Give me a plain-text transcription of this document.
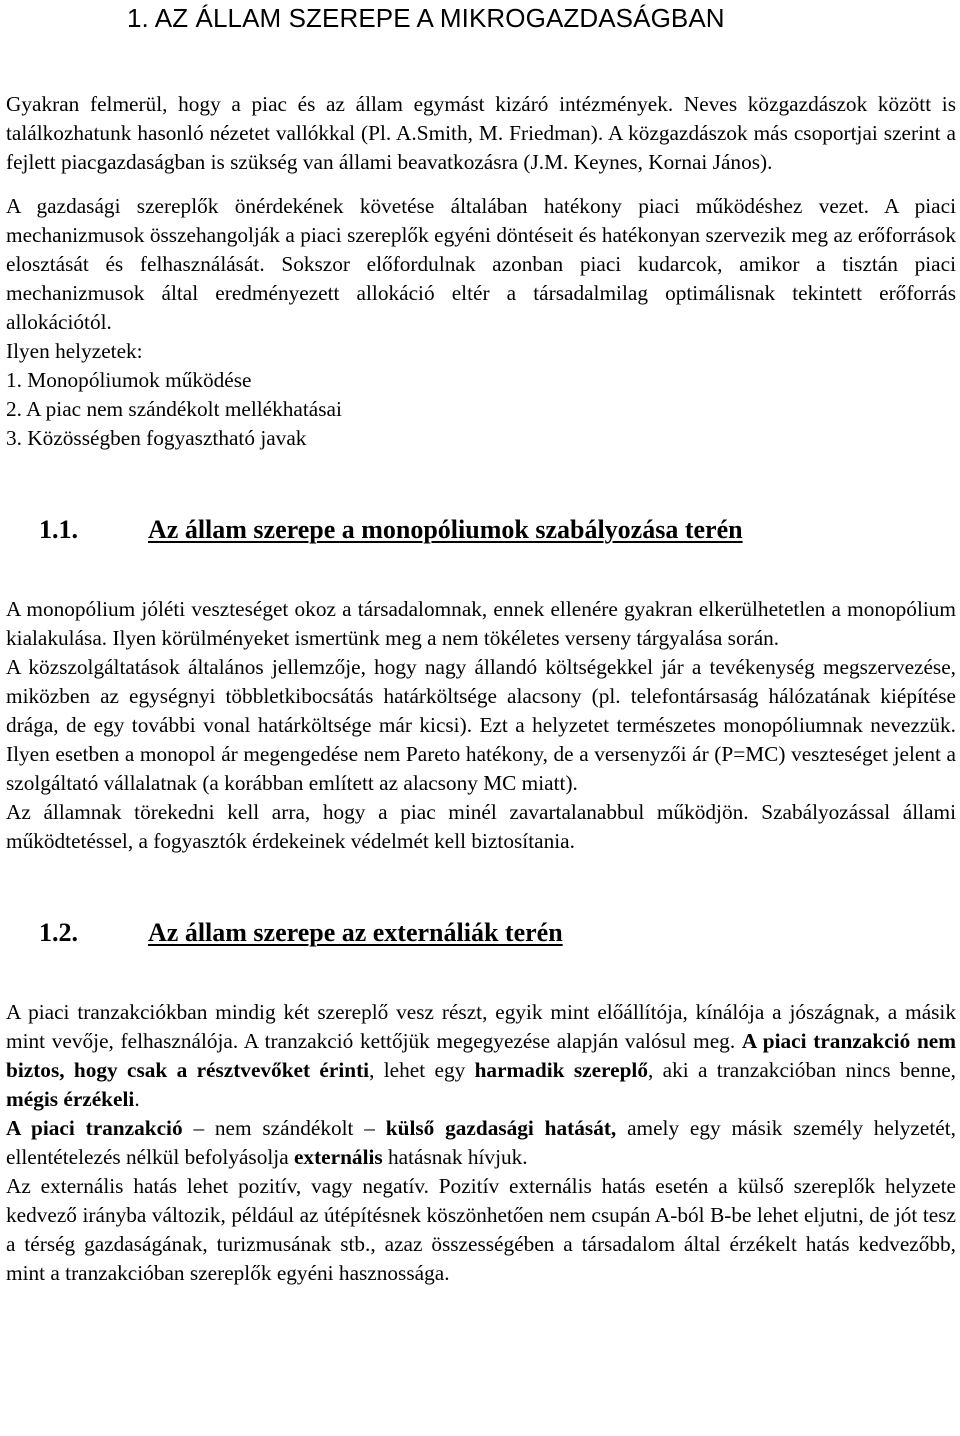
1. AZ ÁLLAM SZEREPE A MIKROGAZDASÁGBAN

Gyakran felmerül, hogy a piac és az állam egymást kizáró intézmények. Neves közgazdászok között is találkozhatunk hasonló nézetet vallókkal (Pl. A.Smith, M. Friedman). A közgazdászok más csoportjai szerint a fejlett piacgazdaságban is szükség van állami beavatkozásra (J.M. Keynes, Kornai János).

A gazdasági szereplők önérdekének követése általában hatékony piaci működéshez vezet. A piaci mechanizmusok összehangolják a piaci szereplők egyéni döntéseit és hatékonyan szervezik meg az erőforrások elosztását és felhasználását. Sokszor előfordulnak azonban piaci kudarcok, amikor a tisztán piaci mechanizmusok által eredményezett allokáció eltér a társadalmilag optimálisnak tekintett erőforrás allokációtól.

Ilyen helyzetek:

1. Monopóliumok működése

2. A piac nem szándékolt mellékhatásai

3. Közösségben fogyasztható javak

1.1.	Az állam szerepe a monopóliumok szabályozása terén

A monopólium jóléti veszteséget okoz a társadalomnak, ennek ellenére gyakran elkerülhetetlen a monopólium kialakulása. Ilyen körülményeket ismertünk meg a nem tökéletes verseny tárgyalása során.

A közszolgáltatások általános jellemzője, hogy nagy állandó költségekkel jár a tevékenység megszervezése, miközben az egységnyi többletkibocsátás határköltsége alacsony (pl. telefontársaság hálózatának kiépítése drága, de egy további vonal határköltsége már kicsi). Ezt a helyzetet természetes monopóliumnak nevezzük. Ilyen esetben a monopol ár megengedése nem Pareto hatékony, de a versenyzői ár (P=MC) veszteséget jelent a szolgáltató vállalatnak (a korábban említett az alacsony MC miatt).

Az államnak törekedni kell arra, hogy a piac minél zavartalanabbul működjön. Szabályozással állami működtetéssel, a fogyasztók érdekeinek védelmét kell biztosítania.

1.2.	Az állam szerepe az externáliák terén

A piaci tranzakciókban mindig két szereplő vesz részt, egyik mint előállítója, kínálója a jószágnak, a másik mint vevője, felhasználója. A tranzakció kettőjük megegyezése alapján valósul meg. A piaci tranzakció nem biztos, hogy csak a résztvevőket érinti, lehet egy harmadik szereplő, aki a tranzakcióban nincs benne, mégis érzékeli.

A piaci tranzakció – nem szándékolt – külső gazdasági hatását, amely egy másik személy helyzetét, ellentételezés nélkül befolyásolja externális hatásnak hívjuk.

Az externális hatás lehet pozitív, vagy negatív. Pozitív externális hatás esetén a külső szereplők helyzete kedvező irányba változik, például az útépítésnek köszönhetően nem csupán A-ból B-be lehet eljutni, de jót tesz a térség gazdaságának, turizmusának stb., azaz összességében a társadalom által érzékelt hatás kedvezőbb, mint a tranzakcióban szereplők egyéni hasznossága.
